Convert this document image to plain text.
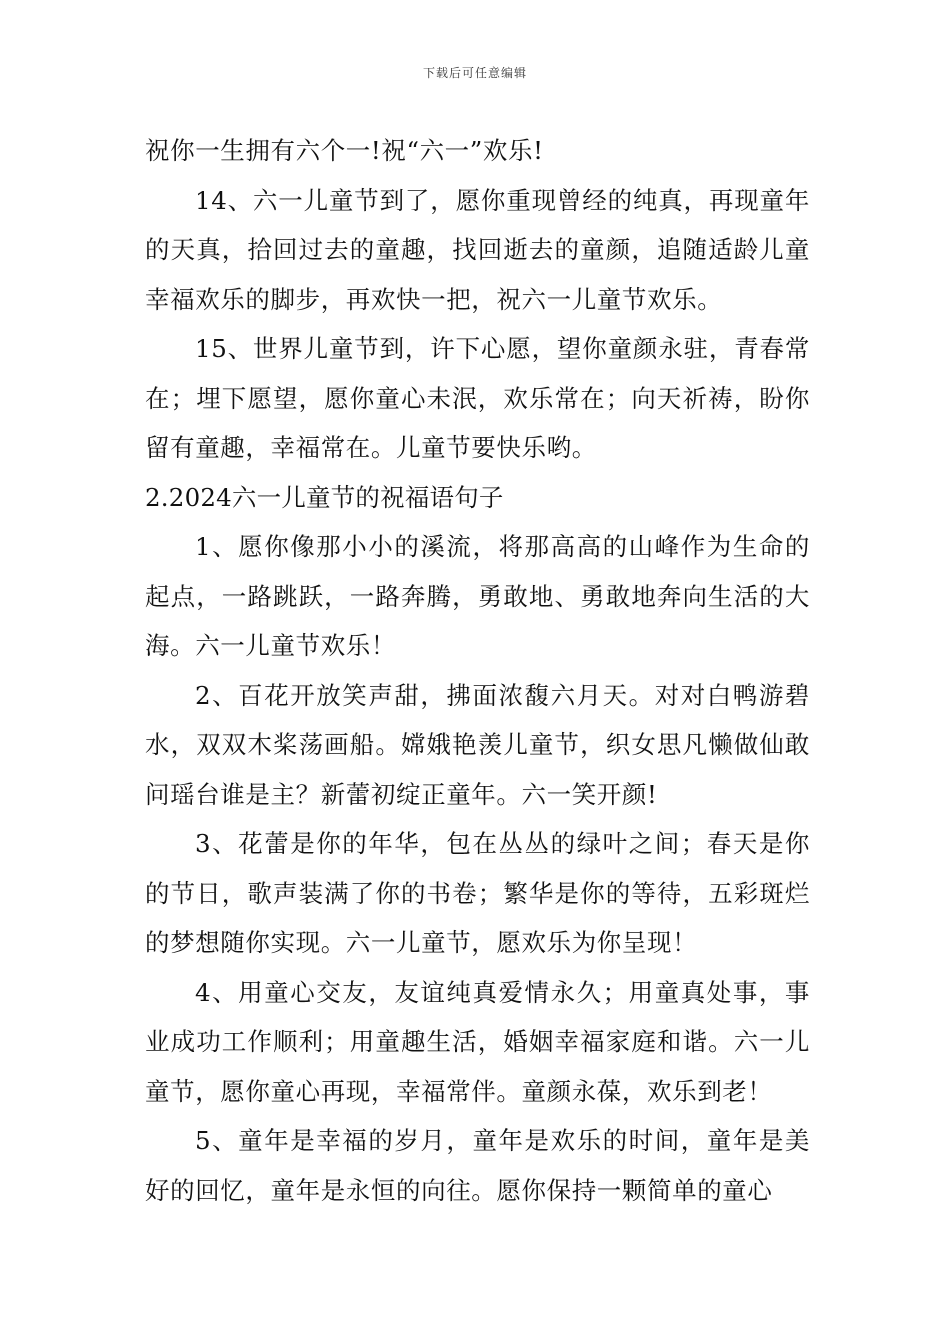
下载后可任意编辑

祝你一生拥有六个一!祝“六一”欢乐!

14、六一儿童节到了，愿你重现曾经的纯真，再现童年的天真，拾回过去的童趣，找回逝去的童颜，追随适龄儿童幸福欢乐的脚步，再欢快一把，祝六一儿童节欢乐。

15、世界儿童节到，许下心愿，望你童颜永驻，青春常在；埋下愿望，愿你童心未泯，欢乐常在；向天祈祷，盼你留有童趣，幸福常在。儿童节要快乐哟。

2.2024六一儿童节的祝福语句子

1、愿你像那小小的溪流，将那高高的山峰作为生命的起点，一路跳跃，一路奔腾，勇敢地、勇敢地奔向生活的大海。六一儿童节欢乐！

2、百花开放笑声甜，拂面浓馥六月天。对对白鸭游碧水，双双木桨荡画船。嫦娥艳羡儿童节，织女思凡懒做仙敢问瑶台谁是主？新蕾初绽正童年。六一笑开颜!

3、花蕾是你的年华，包在丛丛的绿叶之间；春天是你的节日，歌声装满了你的书卷；繁华是你的等待，五彩斑烂的梦想随你实现。六一儿童节，愿欢乐为你呈现！

4、用童心交友，友谊纯真爱情永久；用童真处事，事业成功工作顺利；用童趣生活，婚姻幸福家庭和谐。六一儿童节，愿你童心再现，幸福常伴。童颜永葆，欢乐到老！

5、童年是幸福的岁月，童年是欢乐的时间，童年是美好的回忆，童年是永恒的向往。愿你保持一颗简单的童心
